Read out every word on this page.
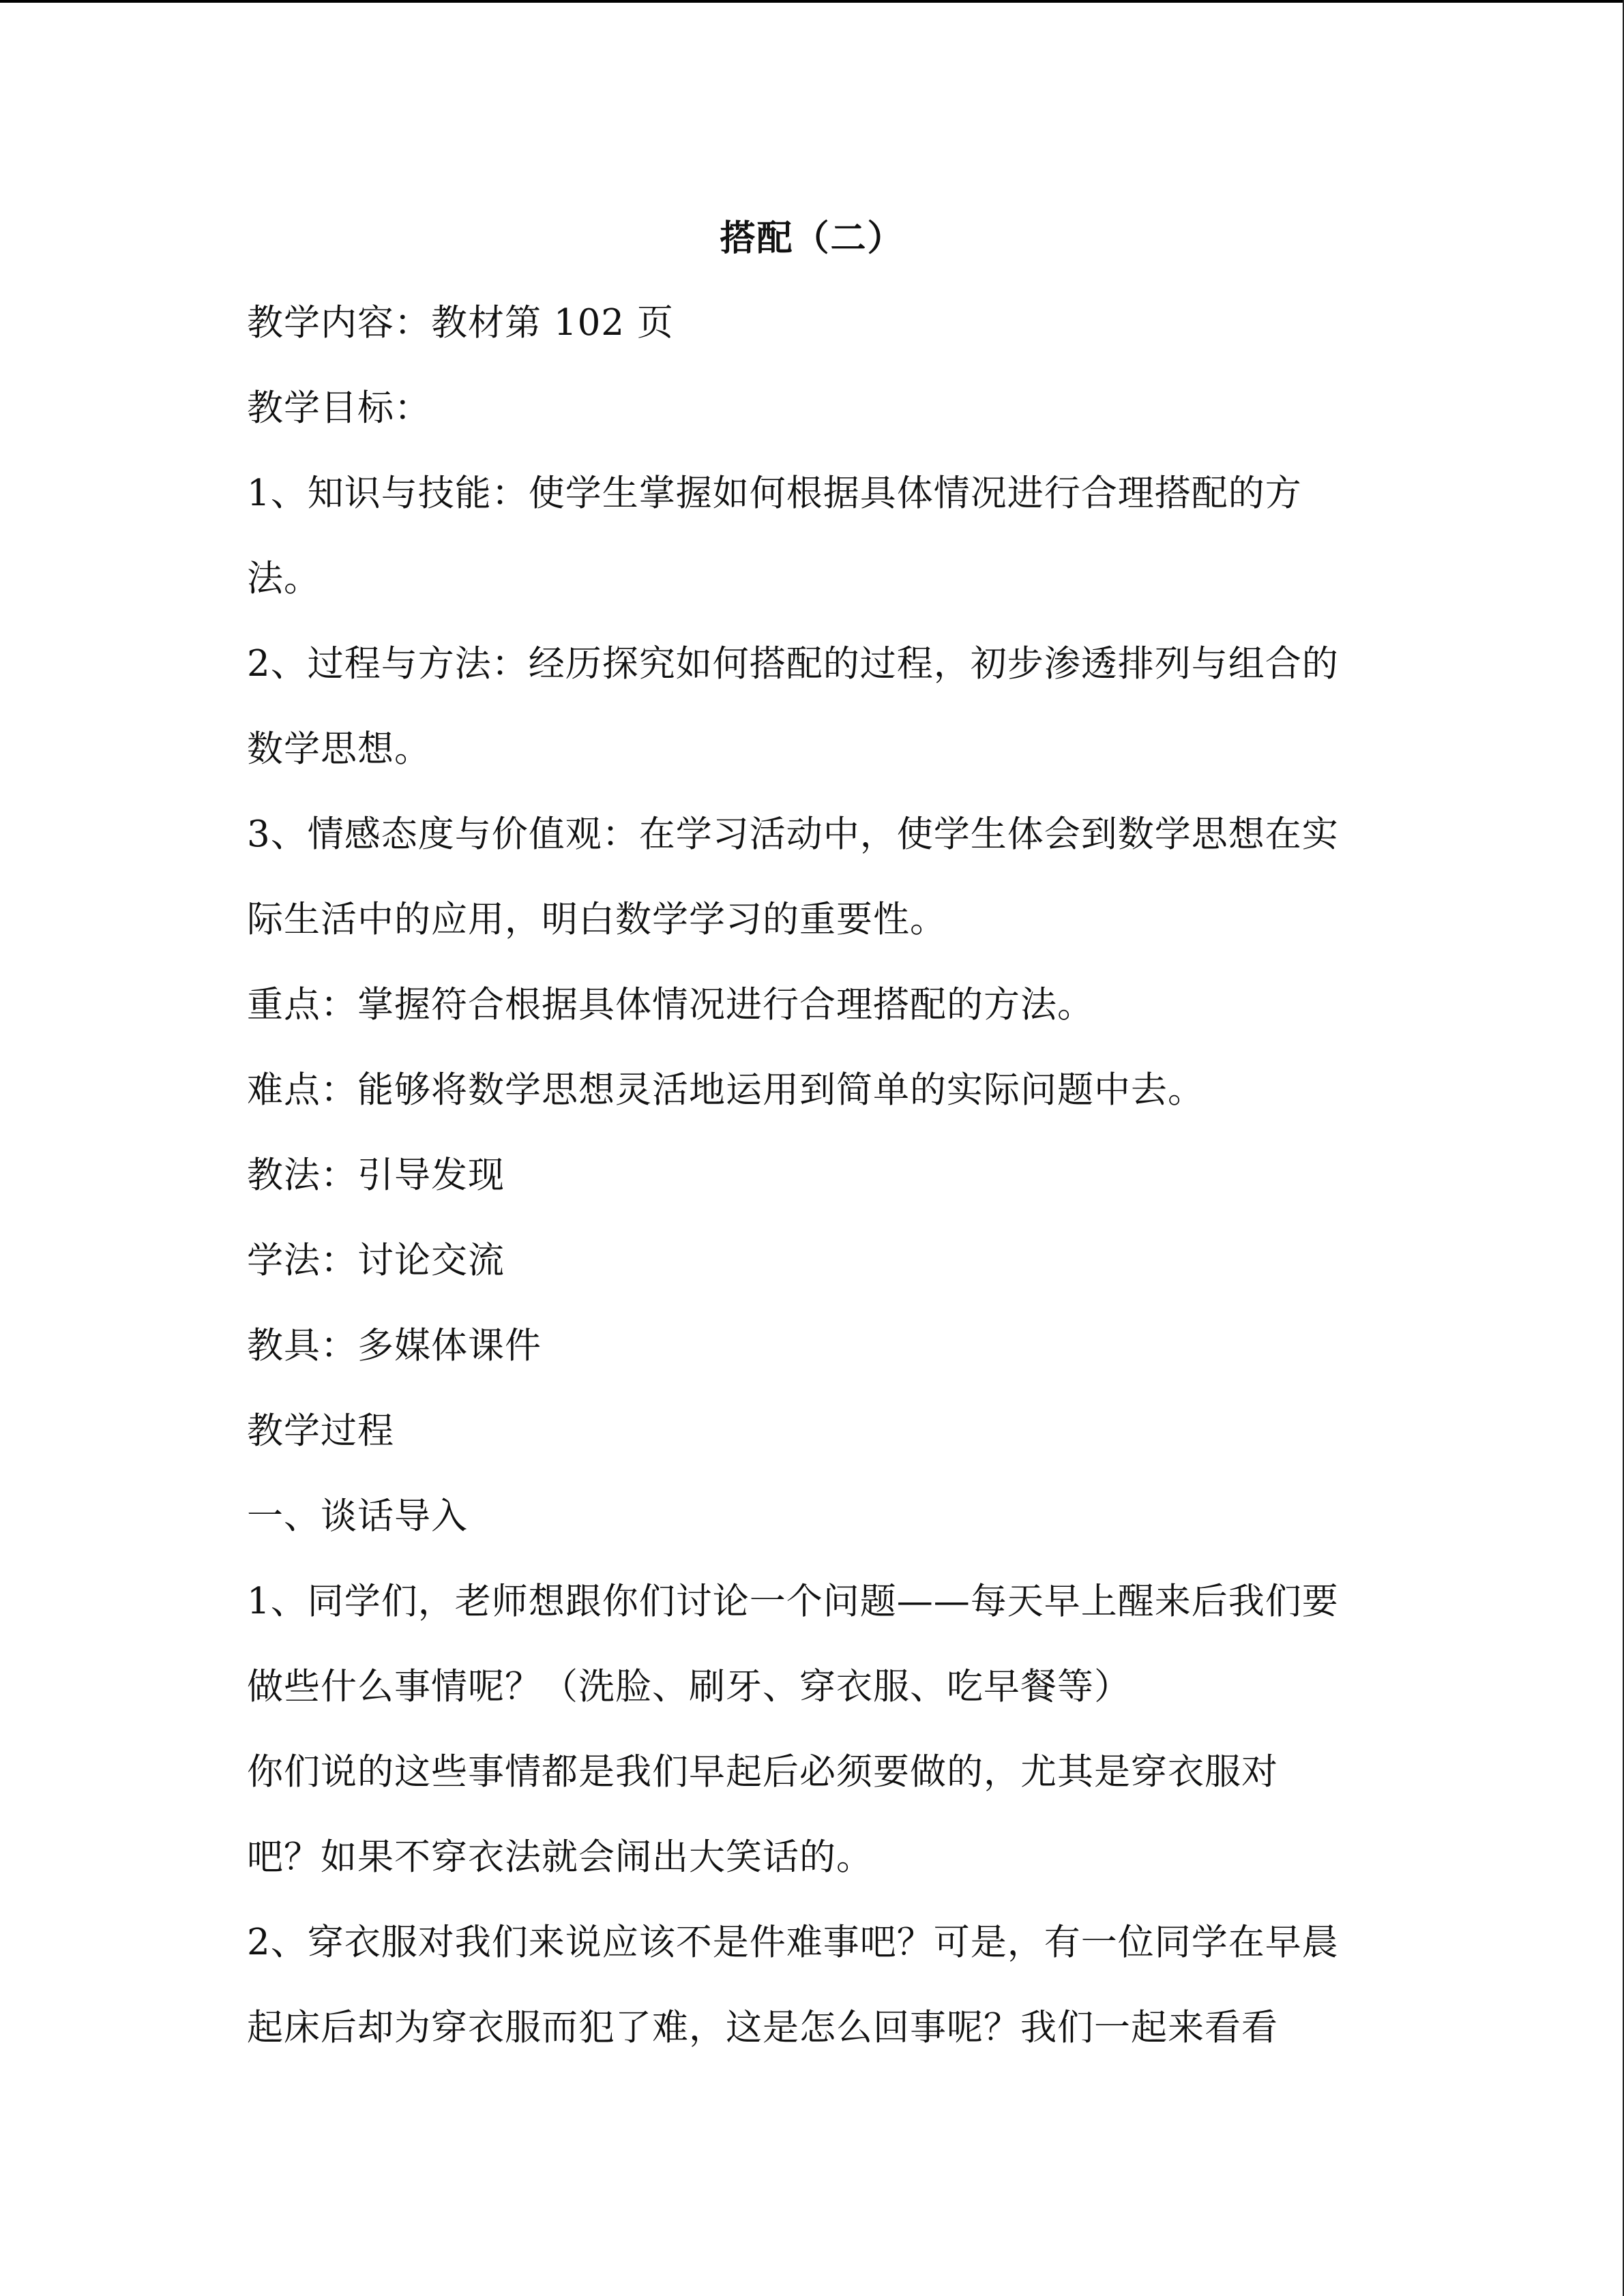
搭配（二）
教学内容：教材第 102 页
教学目标：
1、知识与技能：使学生掌握如何根据具体情况进行合理搭配的方
法。
2、过程与方法：经历探究如何搭配的过程，初步渗透排列与组合的
数学思想。
3、情感态度与价值观：在学习活动中，使学生体会到数学思想在实
际生活中的应用，明白数学学习的重要性。
重点：掌握符合根据具体情况进行合理搭配的方法。
难点：能够将数学思想灵活地运用到简单的实际问题中去。
教法：引导发现
学法：讨论交流
教具：多媒体课件
教学过程
一、谈话导入
1、同学们，老师想跟你们讨论一个问题——每天早上醒来后我们要
做些什么事情呢？（洗脸、刷牙、穿衣服、吃早餐等）
你们说的这些事情都是我们早起后必须要做的，尤其是穿衣服对
吧？如果不穿衣法就会闹出大笑话的。
2、穿衣服对我们来说应该不是件难事吧？可是，有一位同学在早晨
起床后却为穿衣服而犯了难，这是怎么回事呢？我们一起来看看
